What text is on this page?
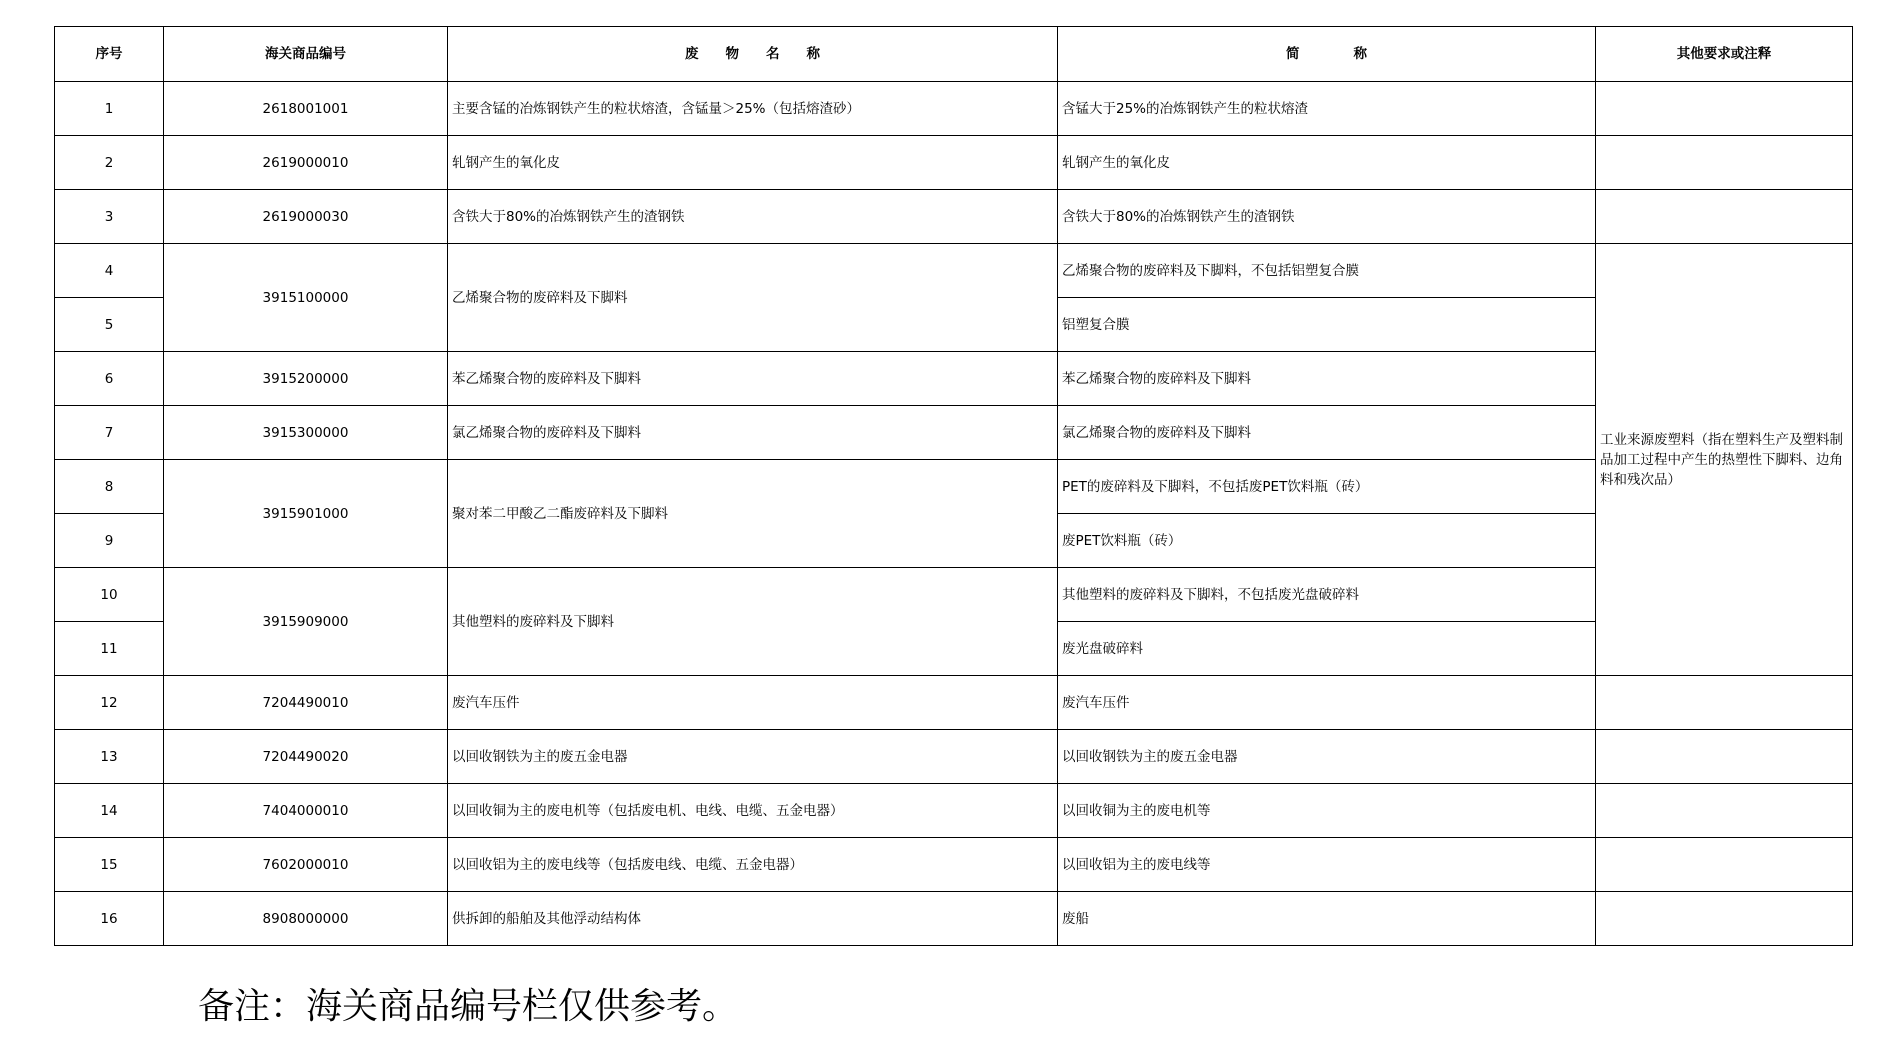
序号	海关商品编号	废　　物　　名　　称	简　　　　称	其他要求或注释
1	2618001001	主要含锰的冶炼钢铁产生的粒状熔渣，含锰量＞25%（包括熔渣砂）	含锰大于25%的冶炼钢铁产生的粒状熔渣	
2	2619000010	轧钢产生的氧化皮	轧钢产生的氧化皮	
3	2619000030	含铁大于80%的冶炼钢铁产生的渣钢铁	含铁大于80%的冶炼钢铁产生的渣钢铁	
4	3915100000	乙烯聚合物的废碎料及下脚料	乙烯聚合物的废碎料及下脚料，不包括铝塑复合膜	工业来源废塑料（指在塑料生产及塑料制品加工过程中产生的热塑性下脚料、边角料和残次品）
5			铝塑复合膜	
6	3915200000	苯乙烯聚合物的废碎料及下脚料	苯乙烯聚合物的废碎料及下脚料	
7	3915300000	氯乙烯聚合物的废碎料及下脚料	氯乙烯聚合物的废碎料及下脚料	
8	3915901000	聚对苯二甲酸乙二酯废碎料及下脚料	PET的废碎料及下脚料，不包括废PET饮料瓶（砖）	
9			废PET饮料瓶（砖）	
10	3915909000	其他塑料的废碎料及下脚料	其他塑料的废碎料及下脚料，不包括废光盘破碎料	
11			废光盘破碎料	
12	7204490010	废汽车压件	废汽车压件	
13	7204490020	以回收钢铁为主的废五金电器	以回收钢铁为主的废五金电器	
14	7404000010	以回收铜为主的废电机等（包括废电机、电线、电缆、五金电器）	以回收铜为主的废电机等	
15	7602000010	以回收铝为主的废电线等（包括废电线、电缆、五金电器）	以回收铝为主的废电线等	
16	8908000000	供拆卸的船舶及其他浮动结构体	废船	
备注：海关商品编号栏仅供参考。
